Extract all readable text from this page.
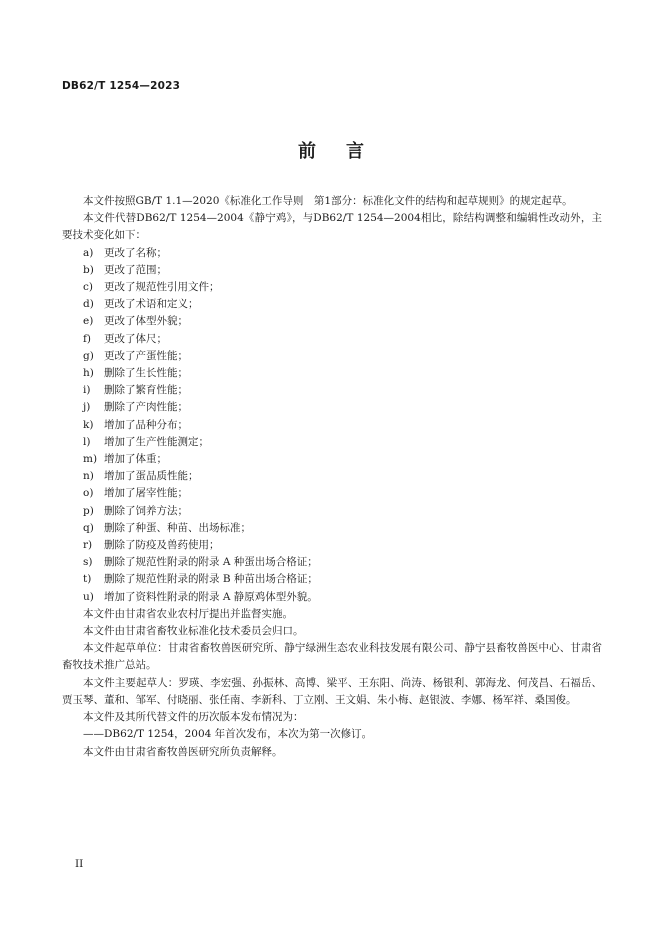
DB62/T 1254—2023
前 言

本文件按照GB/T 1.1—2020《标准化工作导则　第1部分：标准化文件的结构和起草规则》的规定起草。

本文件代替DB62/T 1254—2004《静宁鸡》，与DB62/T 1254—2004相比，除结构调整和编辑性改动外，主要技术变化如下：

a)	更改了名称；
b) 更改了范围；
c)	更改了规范性引用文件；
d) 更改了术语和定义；
e)	更改了体型外貌；
f)	更改了体尺；
g) 更改了产蛋性能；
h) 删除了生长性能；
i)	删除了繁育性能；
j)	删除了产肉性能；
k)	增加了品种分布；
l)	增加了生产性能测定；
m) 增加了体重；
n) 增加了蛋品质性能；
o)	增加了屠宰性能；
p) 删除了饲养方法；
q) 删除了种蛋、种苗、出场标准；
r)	删除了防疫及兽药使用；
s)	删除了规范性附录的附录 A 种蛋出场合格证；
t)	删除了规范性附录的附录 B 种苗出场合格证；
u) 增加了资料性附录的附录 A 静原鸡体型外貌。

本文件由甘肃省农业农村厅提出并监督实施。

本文件由甘肃省畜牧业标准化技术委员会归口。

本文件起草单位：甘肃省畜牧兽医研究所、静宁绿洲生态农业科技发展有限公司、静宁县畜牧兽医中心、甘肃省畜牧技术推广总站。

本文件主要起草人：罗瑛、李宏强、孙振林、高博、梁平、王东阳、尚涛、杨银利、郭海龙、何茂昌、石福岳、贾玉琴、董和、邹军、付晓丽、张任南、李新科、丁立刚、王文娟、朱小梅、赵银波、李娜、杨军祥、桑国俊。

本文件及其所代替文件的历次版本发布情况为：

——DB62/T 1254，2004 年首次发布，本次为第一次修订。

本文件由甘肃省畜牧兽医研究所负责解释。

II
